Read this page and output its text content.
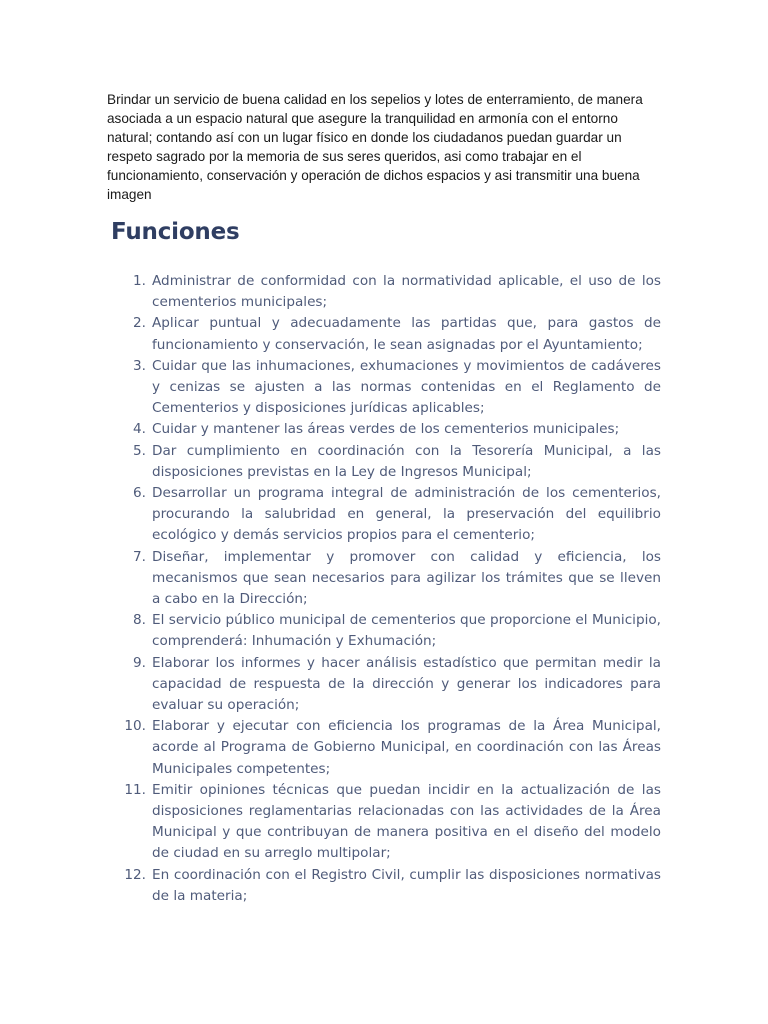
Brindar un servicio de buena calidad en los sepelios y lotes de enterramiento, de manera asociada a un espacio natural que asegure la tranquilidad en armonía con el entorno natural; contando así con un lugar físico en donde los ciudadanos puedan guardar un respeto sagrado por la memoria de sus seres queridos, asi como trabajar en el funcionamiento, conservación y operación de dichos espacios y asi transmitir una buena imagen

Funciones
1. Administrar de conformidad con la normatividad aplicable, el uso de los cementerios municipales;
2. Aplicar puntual y adecuadamente las partidas que, para gastos de funcionamiento y conservación, le sean asignadas por el Ayuntamiento;
3. Cuidar que las inhumaciones, exhumaciones y movimientos de cadáveres y cenizas se ajusten a las normas contenidas en el Reglamento de Cementerios y disposiciones jurídicas aplicables;
4. Cuidar y mantener las áreas verdes de los cementerios municipales;
5. Dar cumplimiento en coordinación con la Tesorería Municipal, a las disposiciones previstas en la Ley de Ingresos Municipal;
6. Desarrollar un programa integral de administración de los cementerios, procurando la salubridad en general, la preservación del equilibrio ecológico y demás servicios propios para el cementerio;
7. Diseñar, implementar y promover con calidad y eficiencia, los mecanismos que sean necesarios para agilizar los trámites que se lleven a cabo en la Dirección;
8. El servicio público municipal de cementerios que proporcione el Municipio, comprenderá: Inhumación y Exhumación;
9. Elaborar los informes y hacer análisis estadístico que permitan medir la capacidad de respuesta de la dirección y generar los indicadores para evaluar su operación;
10. Elaborar y ejecutar con eficiencia los programas de la Área Municipal, acorde al Programa de Gobierno Municipal, en coordinación con las Áreas Municipales competentes;
11. Emitir opiniones técnicas que puedan incidir en la actualización de las disposiciones reglamentarias relacionadas con las actividades de la Área Municipal y que contribuyan de manera positiva en el diseño del modelo de ciudad en su arreglo multipolar;
12. En coordinación con el Registro Civil, cumplir las disposiciones normativas de la materia;
